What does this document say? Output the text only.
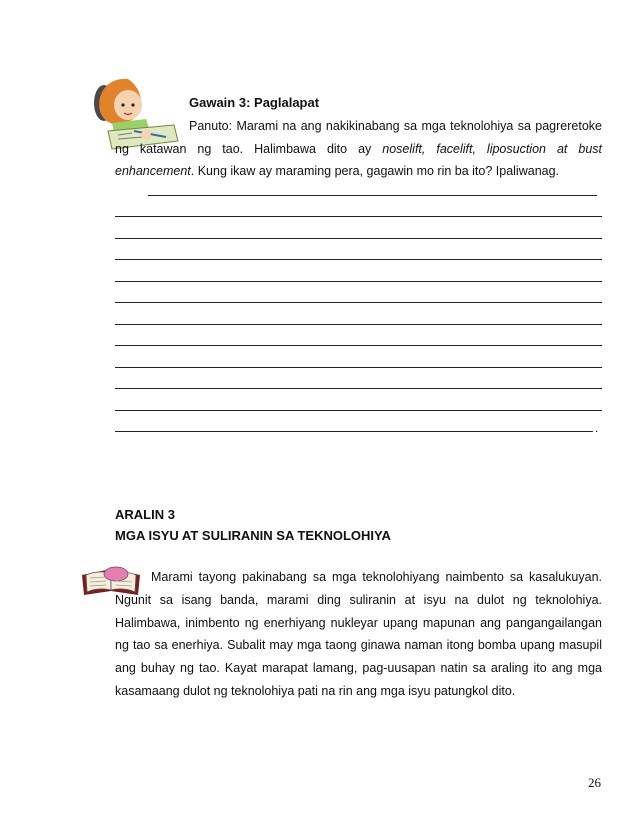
Gawain 3: Paglalapat
Panuto: Marami na ang nakikinabang sa mga teknolohiya sa pagreretoke ng katawan ng tao. Halimbawa dito ay noselift, facelift, liposuction at bust enhancement. Kung ikaw ay maraming pera, gagawin mo rin ba ito? Ipaliwanag.
.
ARALIN 3
MGA ISYU AT SULIRANIN SA TEKNOLOHIYA
Marami tayong pakinabang sa mga teknolohiyang naimbento sa kasalukuyan. Ngunit sa isang banda, marami ding suliranin at isyu na dulot ng teknolohiya. Halimbawa, inimbento ng enerhiyang nukleyar upang mapunan ang pangangailangan ng tao sa enerhiya. Subalit may mga taong ginawa naman itong bomba upang masupil ang buhay ng tao. Kayat marapat lamang, pag-uusapan natin sa araling ito ang mga kasamaang dulot ng teknolohiya pati na rin ang mga isyu patungkol dito.
26
